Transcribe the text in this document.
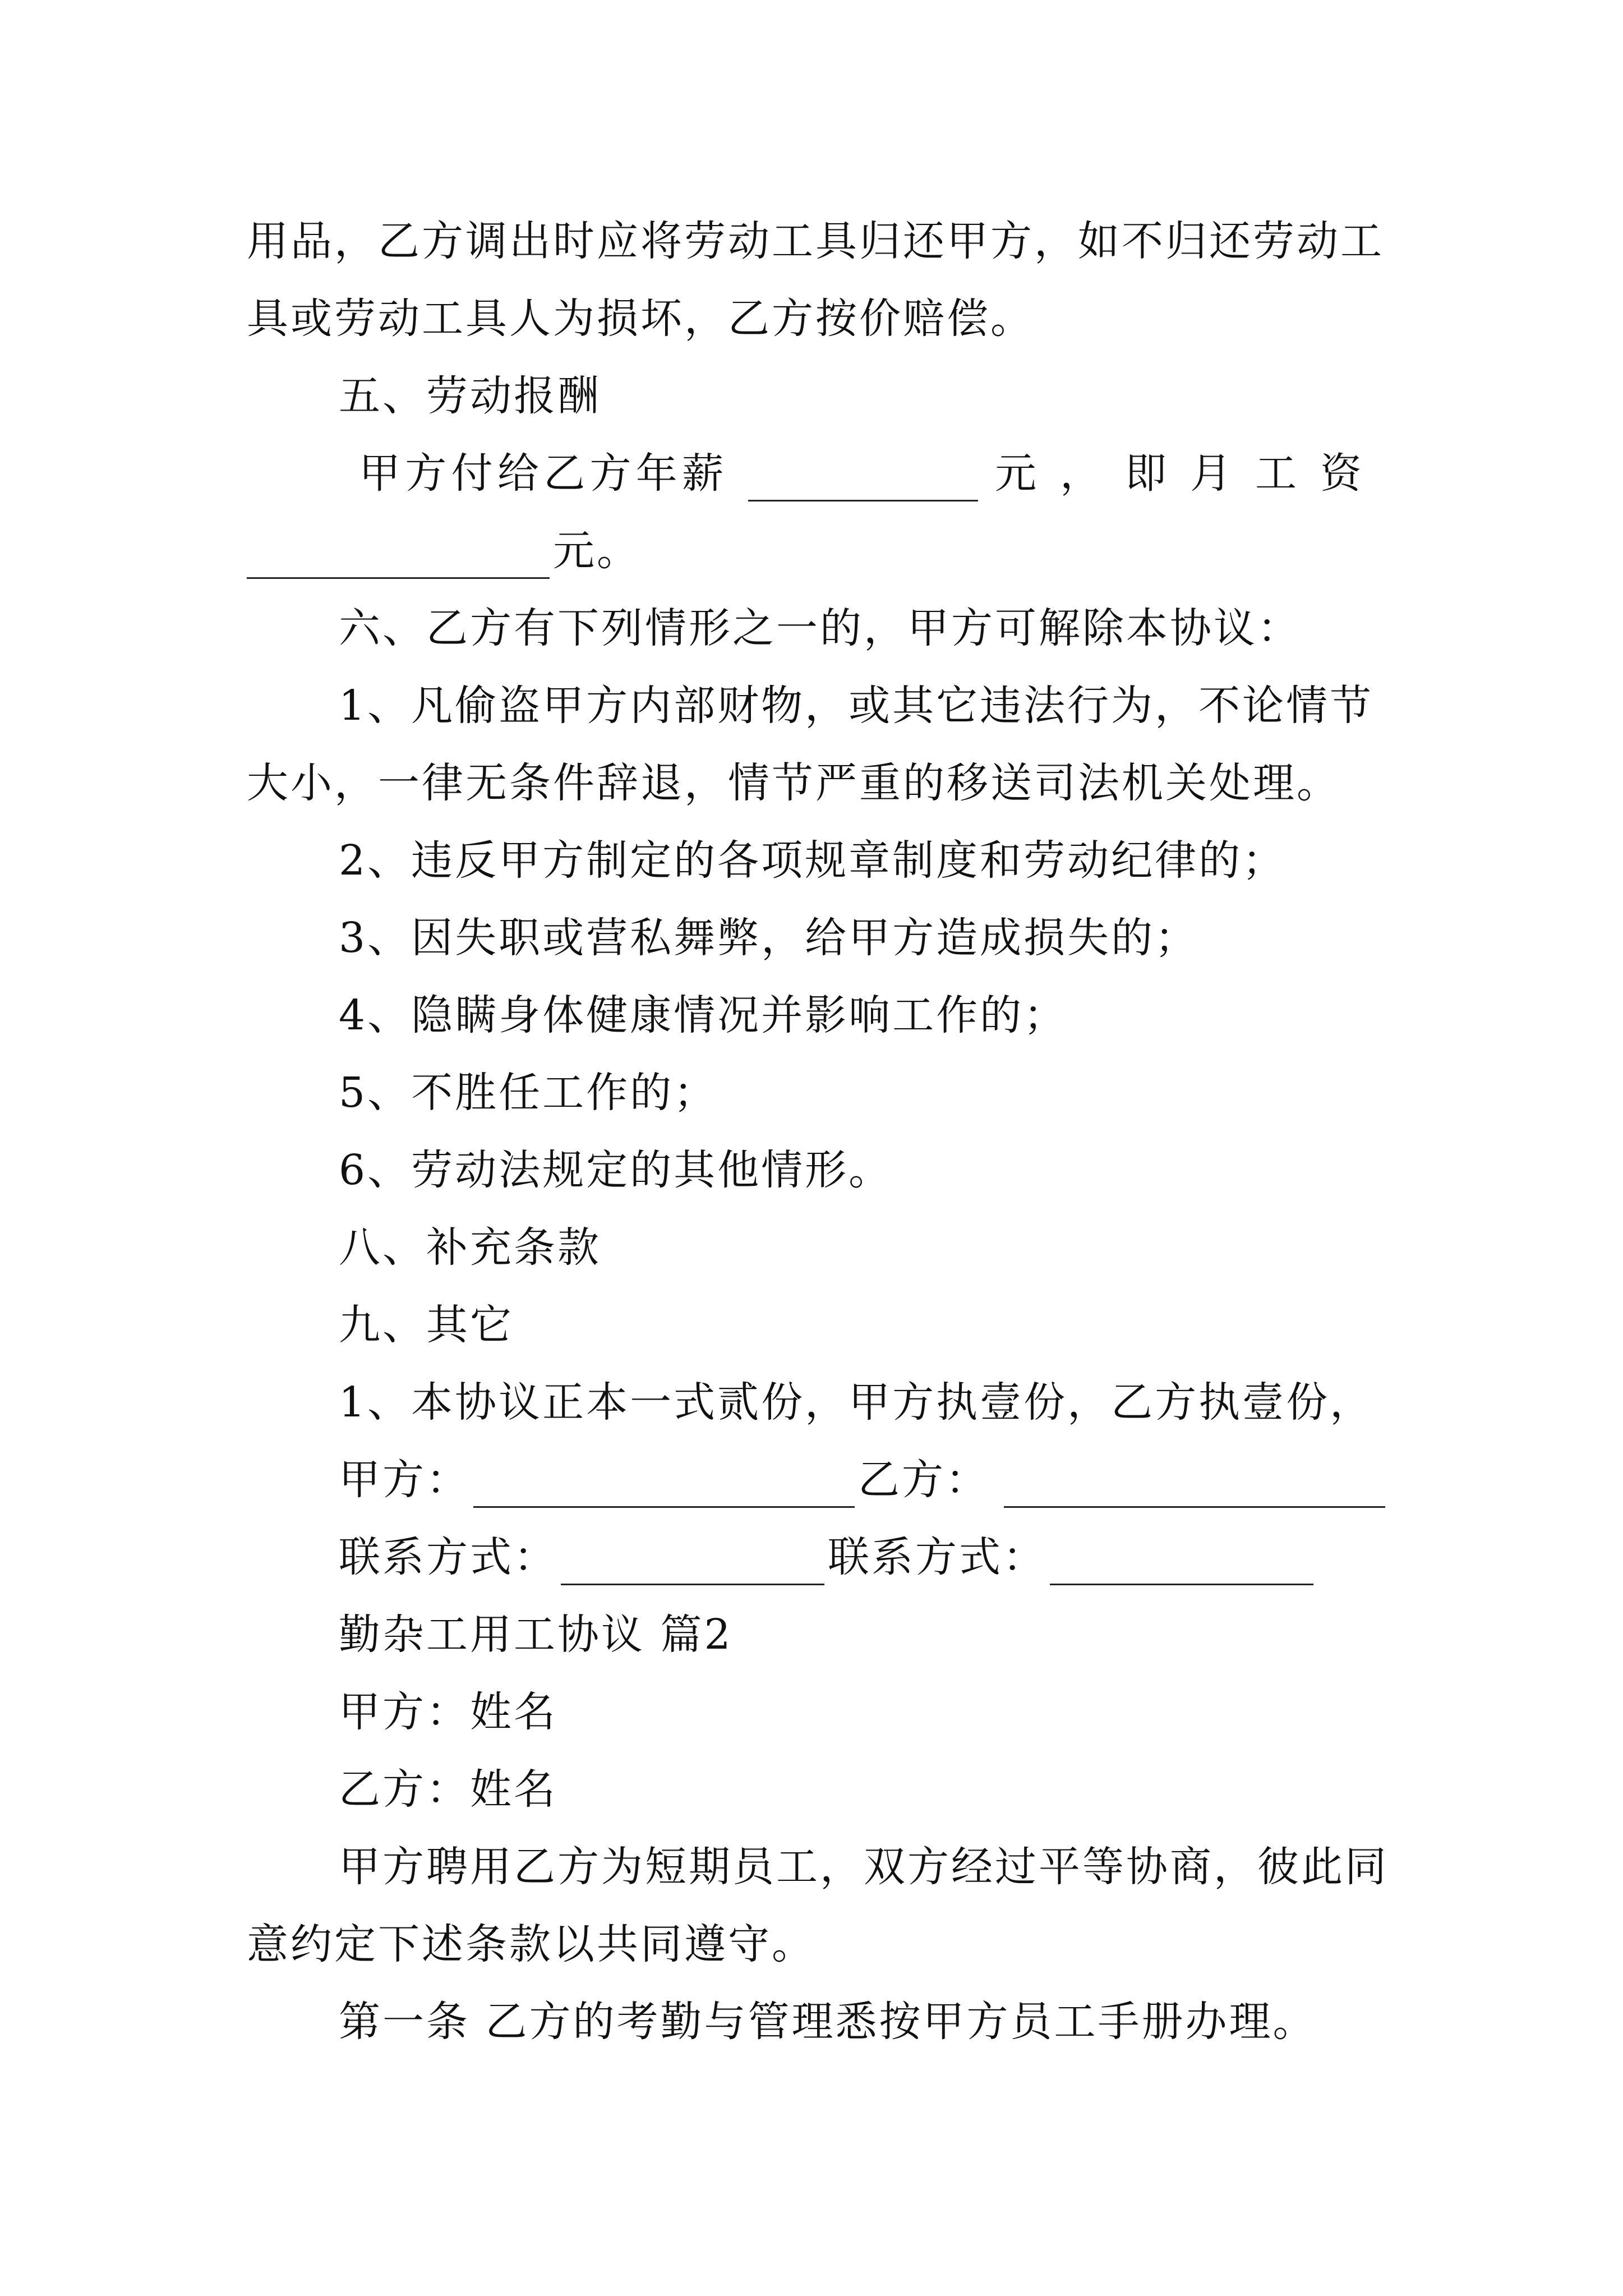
用品，乙方调出时应将劳动工具归还甲方，如不归还劳动工
具或劳动工具人为损坏，乙方按价赔偿。
五、劳动报酬
甲 方 付 给 乙 方 年 薪	元，即月工资
元。
六、乙方有下列情形之一的，甲方可解除本协议：
1、凡偷盗甲方内部财物，或其它违法行为，不论情节
大小，一律无条件辞退，情节严重的移送司法机关处理。
2、违反甲方制定的各项规章制度和劳动纪律的；
3、因失职或营私舞弊，给甲方造成损失的；
4、隐瞒身体健康情况并影响工作的；
5、不胜任工作的；
6、劳动法规定的其他情形。
八、补充条款
九、其它
1、本协议正本一式贰份，甲方执壹份，乙方执壹份，
甲方：	乙方：
联系方式：	联系方式：
勤杂工用工协议 篇2
甲方：姓名
乙方：姓名
甲方聘用乙方为短期员工，双方经过平等协商，彼此同
意约定下述条款以共同遵守。
第一条 乙方的考勤与管理悉按甲方员工手册办理。
